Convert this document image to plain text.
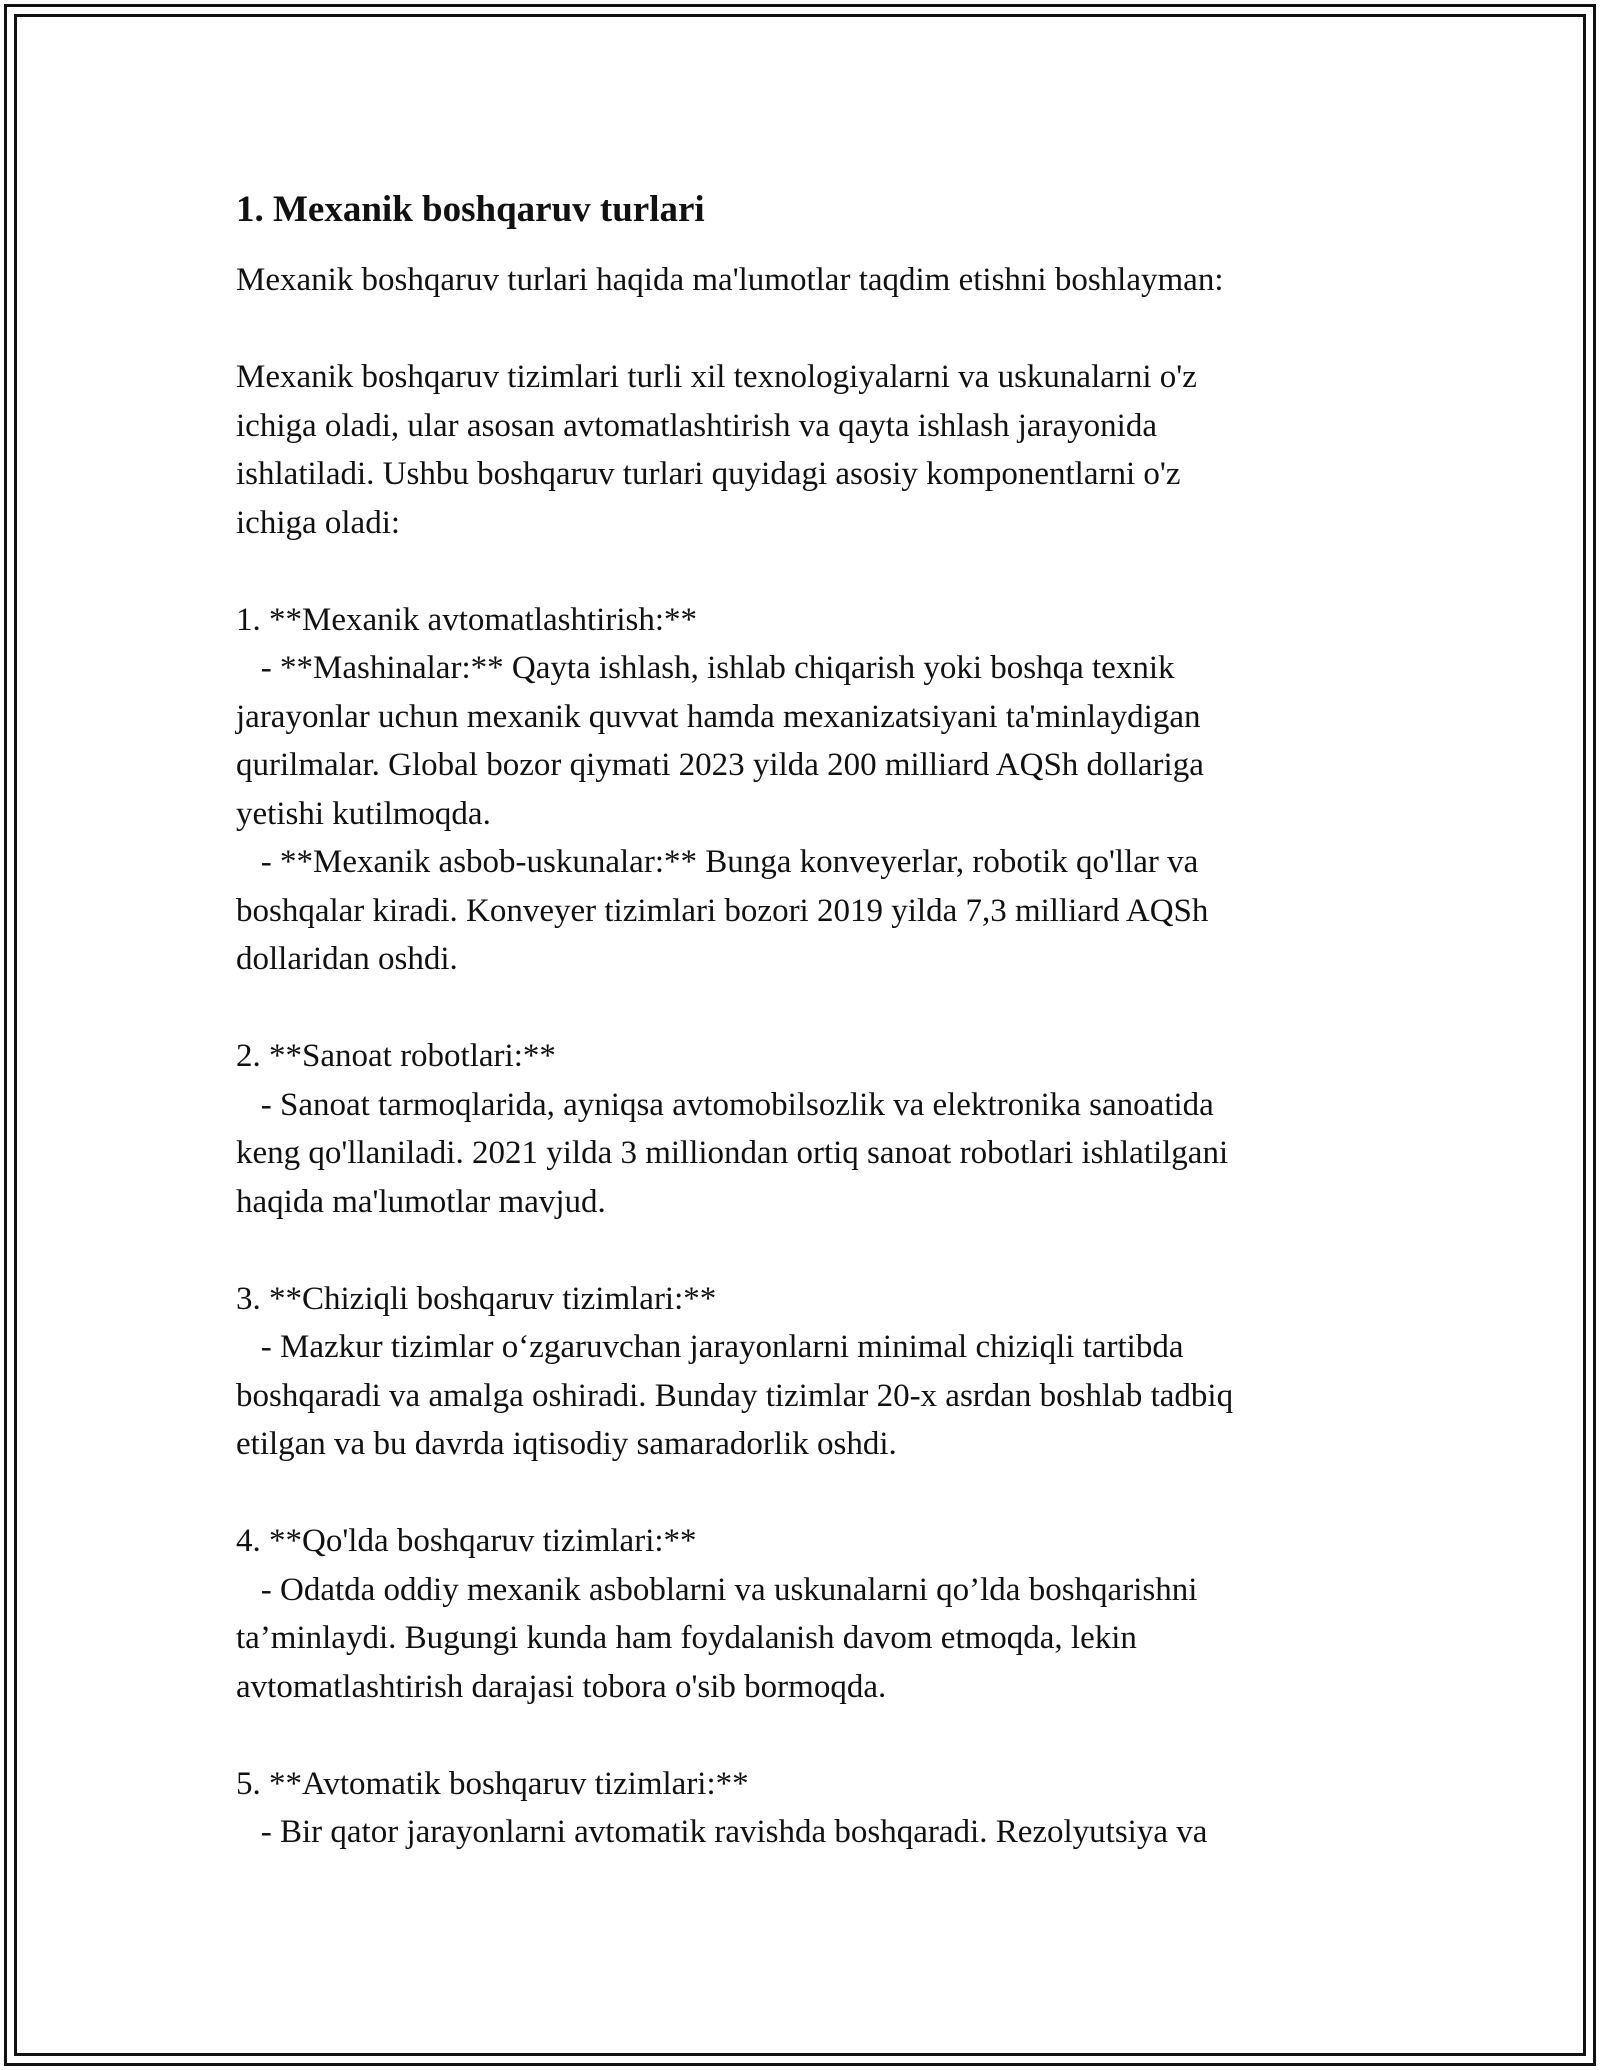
1. Mexanik boshqaruv turlari

Mexanik boshqaruv turlari haqida ma'lumotlar taqdim etishni boshlayman:

Mexanik boshqaruv tizimlari turli xil texnologiyalarni va uskunalarni o'z

ichiga oladi, ular asosan avtomatlashtirish va qayta ishlash jarayonida

ishlatiladi. Ushbu boshqaruv turlari quyidagi asosiy komponentlarni o'z

ichiga oladi:

1. **Mexanik avtomatlashtirish:**

- **Mashinalar:** Qayta ishlash, ishlab chiqarish yoki boshqa texnik

jarayonlar uchun mexanik quvvat hamda mexanizatsiyani ta'minlaydigan

qurilmalar. Global bozor qiymati 2023 yilda 200 milliard AQSh dollariga

yetishi kutilmoqda.

- **Mexanik asbob-uskunalar:** Bunga konveyerlar, robotik qo'llar va

boshqalar kiradi. Konveyer tizimlari bozori 2019 yilda 7,3 milliard AQSh

dollaridan oshdi.

2. **Sanoat robotlari:**

- Sanoat tarmoqlarida, ayniqsa avtomobilsozlik va elektronika sanoatida

keng qo'llaniladi. 2021 yilda 3 milliondan ortiq sanoat robotlari ishlatilgani

haqida ma'lumotlar mavjud.

3. **Chiziqli boshqaruv tizimlari:**

- Mazkur tizimlar o‘zgaruvchan jarayonlarni minimal chiziqli tartibda

boshqaradi va amalga oshiradi. Bunday tizimlar 20-x asrdan boshlab tadbiq

etilgan va bu davrda iqtisodiy samaradorlik oshdi.

4. **Qo'lda boshqaruv tizimlari:**

- Odatda oddiy mexanik asboblarni va uskunalarni qo’lda boshqarishni

ta’minlaydi. Bugungi kunda ham foydalanish davom etmoqda, lekin

avtomatlashtirish darajasi tobora o'sib bormoqda.

5. **Avtomatik boshqaruv tizimlari:**

- Bir qator jarayonlarni avtomatik ravishda boshqaradi. Rezolyutsiya va
